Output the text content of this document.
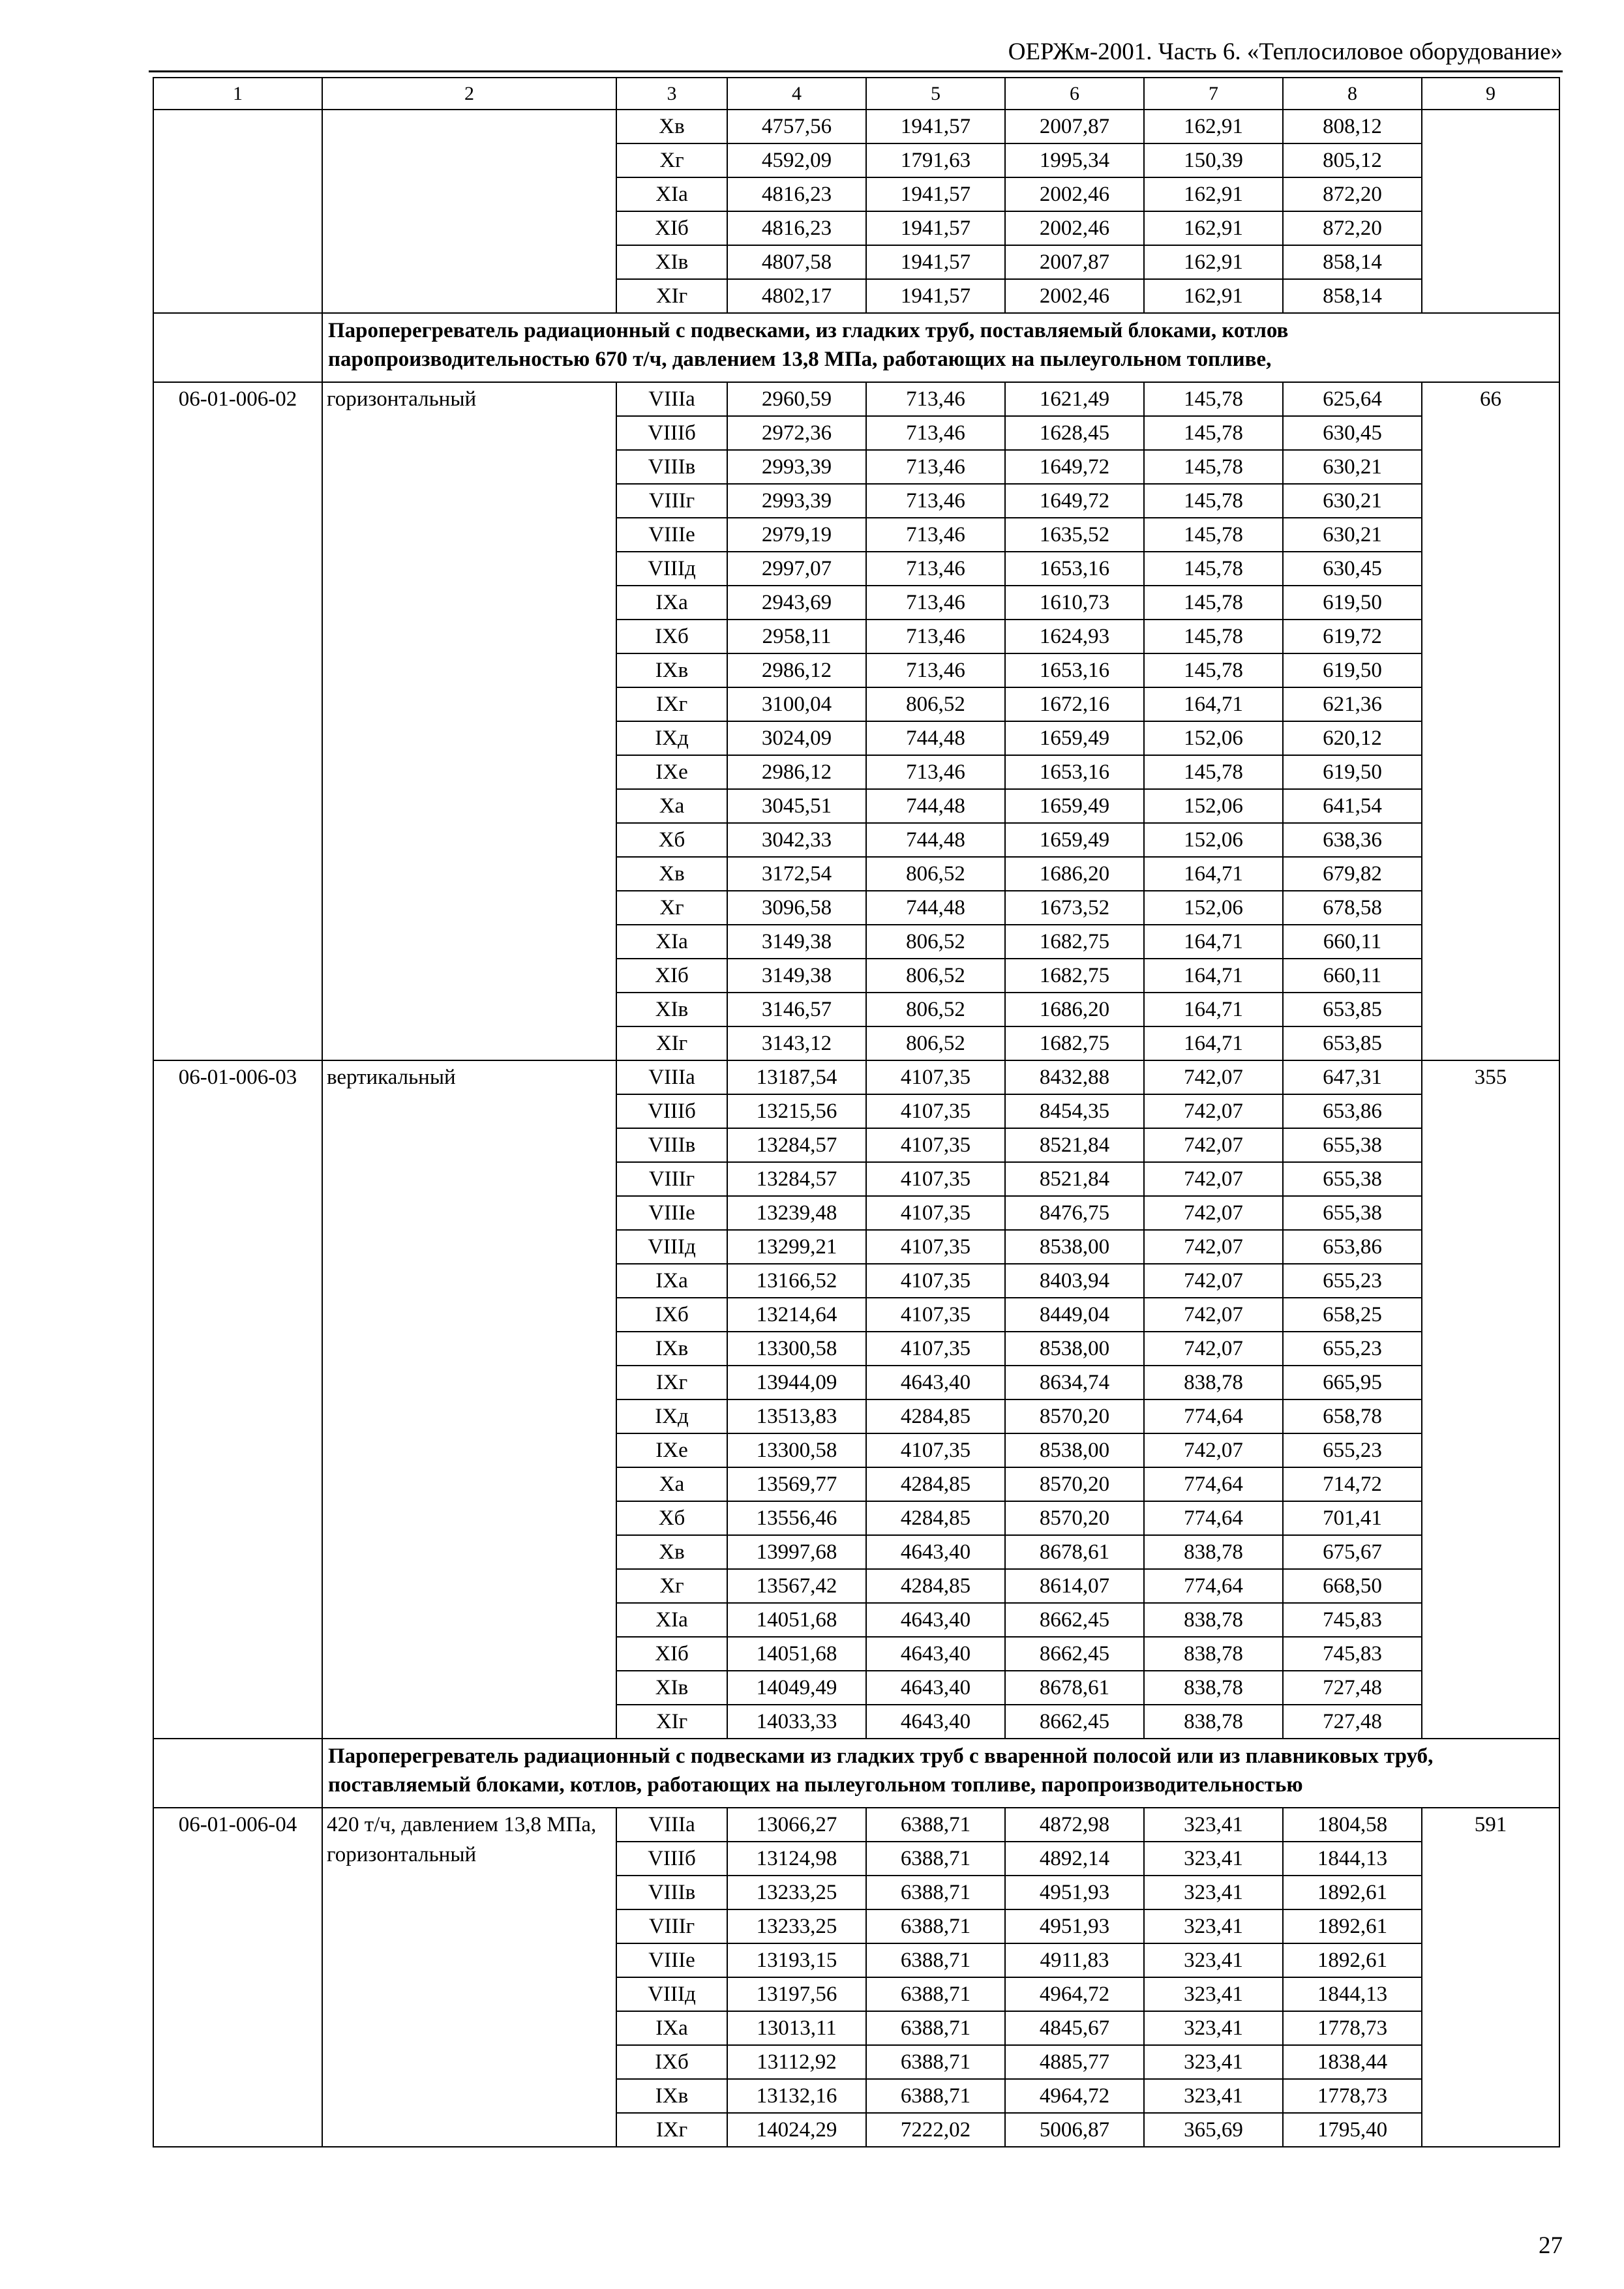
ОЕРЖм-2001. Часть 6. «Теплосиловое оборудование»
1	2	3	4	5	6	7	8	9
		Xв	4757,56	1941,57	2007,87	162,91	808,12	
		Xг	4592,09	1791,63	1995,34	150,39	805,12	
		XIа	4816,23	1941,57	2002,46	162,91	872,20	
		XIб	4816,23	1941,57	2002,46	162,91	872,20	
		XIв	4807,58	1941,57	2007,87	162,91	858,14	
		XIг	4802,17	1941,57	2002,46	162,91	858,14	
	Пароперегреватель радиационный с подвесками, из гладких труб, поставляемый блоками, котлов паропроизводительностью 670 т/ч, давлением 13,8 МПа, работающих на пылеугольном топливе,							
06-01-006-02	горизонтальный	VIIIа	2960,59	713,46	1621,49	145,78	625,64	66
		VIIIб	2972,36	713,46	1628,45	145,78	630,45	
		VIIIв	2993,39	713,46	1649,72	145,78	630,21	
		VIIIг	2993,39	713,46	1649,72	145,78	630,21	
		VIIIе	2979,19	713,46	1635,52	145,78	630,21	
		VIIIд	2997,07	713,46	1653,16	145,78	630,45	
		IXа	2943,69	713,46	1610,73	145,78	619,50	
		IXб	2958,11	713,46	1624,93	145,78	619,72	
		IXв	2986,12	713,46	1653,16	145,78	619,50	
		IXг	3100,04	806,52	1672,16	164,71	621,36	
		IXд	3024,09	744,48	1659,49	152,06	620,12	
		IXе	2986,12	713,46	1653,16	145,78	619,50	
		Xа	3045,51	744,48	1659,49	152,06	641,54	
		Xб	3042,33	744,48	1659,49	152,06	638,36	
		Xв	3172,54	806,52	1686,20	164,71	679,82	
		Xг	3096,58	744,48	1673,52	152,06	678,58	
		XIа	3149,38	806,52	1682,75	164,71	660,11	
		XIб	3149,38	806,52	1682,75	164,71	660,11	
		XIв	3146,57	806,52	1686,20	164,71	653,85	
		XIг	3143,12	806,52	1682,75	164,71	653,85	
06-01-006-03	вертикальный	VIIIа	13187,54	4107,35	8432,88	742,07	647,31	355
		VIIIб	13215,56	4107,35	8454,35	742,07	653,86	
		VIIIв	13284,57	4107,35	8521,84	742,07	655,38	
		VIIIг	13284,57	4107,35	8521,84	742,07	655,38	
		VIIIе	13239,48	4107,35	8476,75	742,07	655,38	
		VIIIд	13299,21	4107,35	8538,00	742,07	653,86	
		IXа	13166,52	4107,35	8403,94	742,07	655,23	
		IXб	13214,64	4107,35	8449,04	742,07	658,25	
		IXв	13300,58	4107,35	8538,00	742,07	655,23	
		IXг	13944,09	4643,40	8634,74	838,78	665,95	
		IXд	13513,83	4284,85	8570,20	774,64	658,78	
		IXе	13300,58	4107,35	8538,00	742,07	655,23	
		Xа	13569,77	4284,85	8570,20	774,64	714,72	
		Xб	13556,46	4284,85	8570,20	774,64	701,41	
		Xв	13997,68	4643,40	8678,61	838,78	675,67	
		Xг	13567,42	4284,85	8614,07	774,64	668,50	
		XIа	14051,68	4643,40	8662,45	838,78	745,83	
		XIб	14051,68	4643,40	8662,45	838,78	745,83	
		XIв	14049,49	4643,40	8678,61	838,78	727,48	
		XIг	14033,33	4643,40	8662,45	838,78	727,48	
	Пароперегреватель радиационный с подвесками из гладких труб с вваренной полосой или из плавниковых труб, поставляемый блоками, котлов, работающих на пылеугольном топливе, паропроизводительностью							
06-01-006-04	420 т/ч, давлением 13,8 МПа, горизонтальный	VIIIа	13066,27	6388,71	4872,98	323,41	1804,58	591
		VIIIб	13124,98	6388,71	4892,14	323,41	1844,13	
		VIIIв	13233,25	6388,71	4951,93	323,41	1892,61	
		VIIIг	13233,25	6388,71	4951,93	323,41	1892,61	
		VIIIе	13193,15	6388,71	4911,83	323,41	1892,61	
		VIIIд	13197,56	6388,71	4964,72	323,41	1844,13	
		IXа	13013,11	6388,71	4845,67	323,41	1778,73	
		IXб	13112,92	6388,71	4885,77	323,41	1838,44	
		IXв	13132,16	6388,71	4964,72	323,41	1778,73	
		IXг	14024,29	7222,02	5006,87	365,69	1795,40	
27
